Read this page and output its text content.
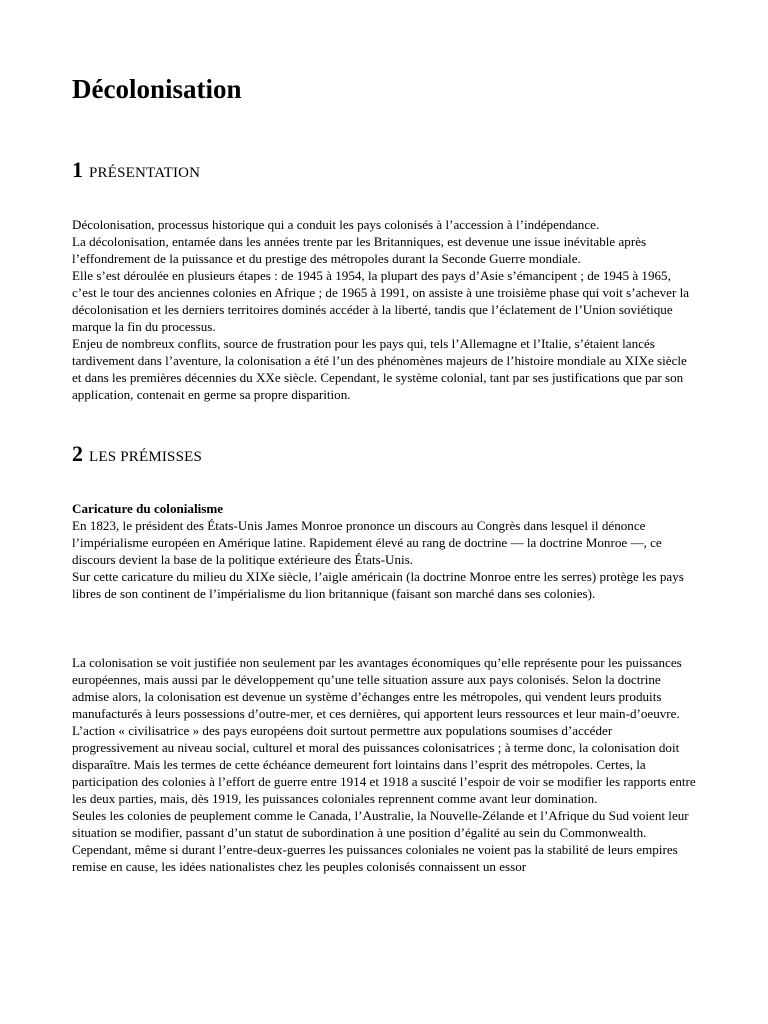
Décolonisation
1 PRÉSENTATION

Décolonisation, processus historique qui a conduit les pays colonisés à l’accession à l’indépendance.

La décolonisation, entamée dans les années trente par les Britanniques, est devenue une issue inévitable après l’effondrement de la puissance et du prestige des métropoles durant la Seconde Guerre mondiale.

Elle s’est déroulée en plusieurs étapes : de 1945 à 1954, la plupart des pays d’Asie s’émancipent ; de 1945 à 1965, c’est le tour des anciennes colonies en Afrique ; de 1965 à 1991, on assiste à une troisième phase qui voit s’achever la décolonisation et les derniers territoires dominés accéder à la liberté, tandis que l’éclatement de l’Union soviétique marque la fin du processus.

Enjeu de nombreux conflits, source de frustration pour les pays qui, tels l’Allemagne et l’Italie, s’étaient lancés tardivement dans l’aventure, la colonisation a été l’un des phénomènes majeurs de l’histoire mondiale au XIXe siècle et dans les premières décennies du XXe siècle. Cependant, le système colonial, tant par ses justifications que par son application, contenait en germe sa propre disparition.

2 LES PRÉMISSES

Caricature du colonialisme

En 1823, le président des États-Unis James Monroe prononce un discours au Congrès dans lesquel il dénonce l’impérialisme européen en Amérique latine. Rapidement élevé au rang de doctrine — la doctrine Monroe —, ce discours devient la base de la politique extérieure des États-Unis.

Sur cette caricature du milieu du XIXe siècle, l’aigle américain (la doctrine Monroe entre les serres) protège les pays libres de son continent de l’impérialisme du lion britannique (faisant son marché dans ses colonies).

La colonisation se voit justifiée non seulement par les avantages économiques qu’elle représente pour les puissances européennes, mais aussi par le développement qu’une telle situation assure aux pays colonisés. Selon la doctrine admise alors, la colonisation est devenue un système d’échanges entre les métropoles, qui vendent leurs produits manufacturés à leurs possessions d’outre-mer, et ces dernières, qui apportent leurs ressources et leur main-d’oeuvre. L’action « civilisatrice » des pays européens doit surtout permettre aux populations soumises d’accéder progressivement au niveau social, culturel et moral des puissances colonisatrices ; à terme donc, la colonisation doit disparaître. Mais les termes de cette échéance demeurent fort lointains dans l’esprit des métropoles. Certes, la participation des colonies à l’effort de guerre entre 1914 et 1918 a suscité l’espoir de voir se modifier les rapports entre les deux parties, mais, dès 1919, les puissances coloniales reprennent comme avant leur domination.

Seules les colonies de peuplement comme le Canada, l’Australie, la Nouvelle-Zélande et l’Afrique du Sud voient leur situation se modifier, passant d’un statut de subordination à une position d’égalité au sein du Commonwealth.

Cependant, même si durant l’entre-deux-guerres les puissances coloniales ne voient pas la stabilité de leurs empires remise en cause, les idées nationalistes chez les peuples colonisés connaissent un essor
